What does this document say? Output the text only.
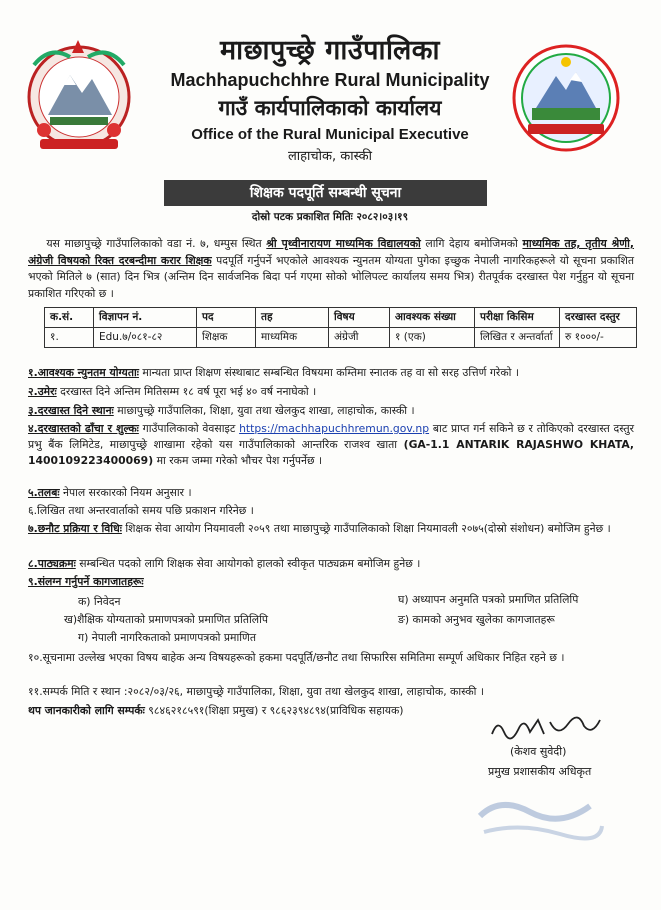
माछापुच्छ्रे गाउँपालिका
Machhapuchchhre Rural Municipality
गाउँ कार्यपालिकाको कार्यालय
Office of the Rural Municipal Executive
लाहाचोक, कास्की
शिक्षक पदपूर्ति सम्बन्धी सूचना
दोस्रो पटक प्रकाशित मितिः २०८२।०३।१९
यस माछापुच्छ्रे गाउँपालिकाको वडा नं. ७, धम्पुस स्थित श्री पृथ्वीनारायण माध्यमिक विद्यालयको लागि देहाय बमोजिमको माध्यमिक तह, तृतीय श्रेणी, अंग्रेजी विषयको रिक्त दरबन्दीमा करार शिक्षक पदपूर्ति गर्नुपर्ने भएकोले आवश्यक न्युनतम योग्यता पुगेका इच्छुक नेपाली नागरिकहरूले यो सूचना प्रकाशित भएको मितिले ७ (सात) दिन भित्र (अन्तिम दिन सार्वजनिक बिदा पर्न गएमा सोको भोलिपल्ट कार्यालय समय भित्र) रीतपूर्वक दरखास्त पेश गर्नुहुन यो सूचना प्रकाशित गरिएको छ ।
क.सं.	विज्ञापन नं.	पद	तह	विषय	आवश्यक संख्या	परीक्षा किसिम	दरखास्त दस्तुर
१.	Edu.७/०८१-८२	शिक्षक	माध्यमिक	अंग्रेजी	१ (एक)	लिखित र अन्तर्वार्ता	रु १०००/-
१.आवश्यक न्युनतम योग्यताः मान्यता प्राप्त शिक्षण संस्थाबाट सम्बन्धित विषयमा कम्तिमा स्नातक तह वा सो सरह उत्तिर्ण गरेको ।
२.उमेरः दरखास्त दिने अन्तिम मितिसम्म १८ वर्ष पूरा भई ४० वर्ष ननाघेको ।
३.दरखास्त दिने स्थानः माछापुच्छ्रे गाउँपालिका, शिक्षा, युवा तथा खेलकुद शाखा, लाहाचोक, कास्की ।
४.दरखास्तको ढाँचा र शुल्कः गाउँपालिकाको वेवसाइट https://machhapuchhremun.gov.np बाट प्राप्त गर्न सकिने छ र तोकिएको दरखास्त दस्तुर प्रभु बैंक लिमिटेड, माछापुच्छ्रे शाखामा रहेको यस गाउँपालिकाको आन्तरिक राजश्व खाता (GA-1.1 ANTARIK RAJASHWO KHATA, 1400109223400069) मा रकम जम्मा गरेको भौचर पेश गर्नुपर्नेछ ।
५.तलबः नेपाल सरकारको नियम अनुसार ।
६.लिखित तथा अन्तरवार्ताको समय पछि प्रकाशन गरिनेछ ।
७.छनौट प्रक्रिया र विधिः शिक्षक सेवा आयोग नियमावली २०५९ तथा माछापुच्छ्रे गाउँपालिकाको शिक्षा नियमावली २०७५(दोस्रो संशोधन) बमोजिम हुनेछ ।
८.पाठ्यक्रमः सम्बन्धित पदको लागि शिक्षक सेवा आयोगको हालको स्वीकृत पाठ्यक्रम बमोजिम हुनेछ ।
९.संलग्न गर्नुपर्ने कागजातहरूः
क) निवेदन
ख)शैक्षिक योग्यताको प्रमाणपत्रको प्रमाणित प्रतिलिपि
ग) नेपाली नागरिकताको प्रमाणपत्रको प्रमाणित
घ) अध्यापन अनुमति पत्रको प्रमाणित प्रतिलिपि
ङ) कामको अनुभव खुलेका कागजातहरू
१०.सूचनामा उल्लेख भएका विषय बाहेक अन्य विषयहरूको हकमा पदपूर्ति/छनौट तथा सिफारिस समितिमा सम्पूर्ण अधिकार निहित रहने छ ।
११.सम्पर्क मिति र स्थान :२०८२/०३/२६, माछापुच्छ्रे गाउँपालिका, शिक्षा, युवा तथा खेलकुद शाखा, लाहाचोक, कास्की ।
थप जानकारीको लागि सम्पर्कः ९८४६२१८५९१(शिक्षा प्रमुख) र ९८६२३९४८९४(प्राविधिक सहायक)
(केशव सुवेदी)
प्रमुख प्रशासकीय अधिकृत
